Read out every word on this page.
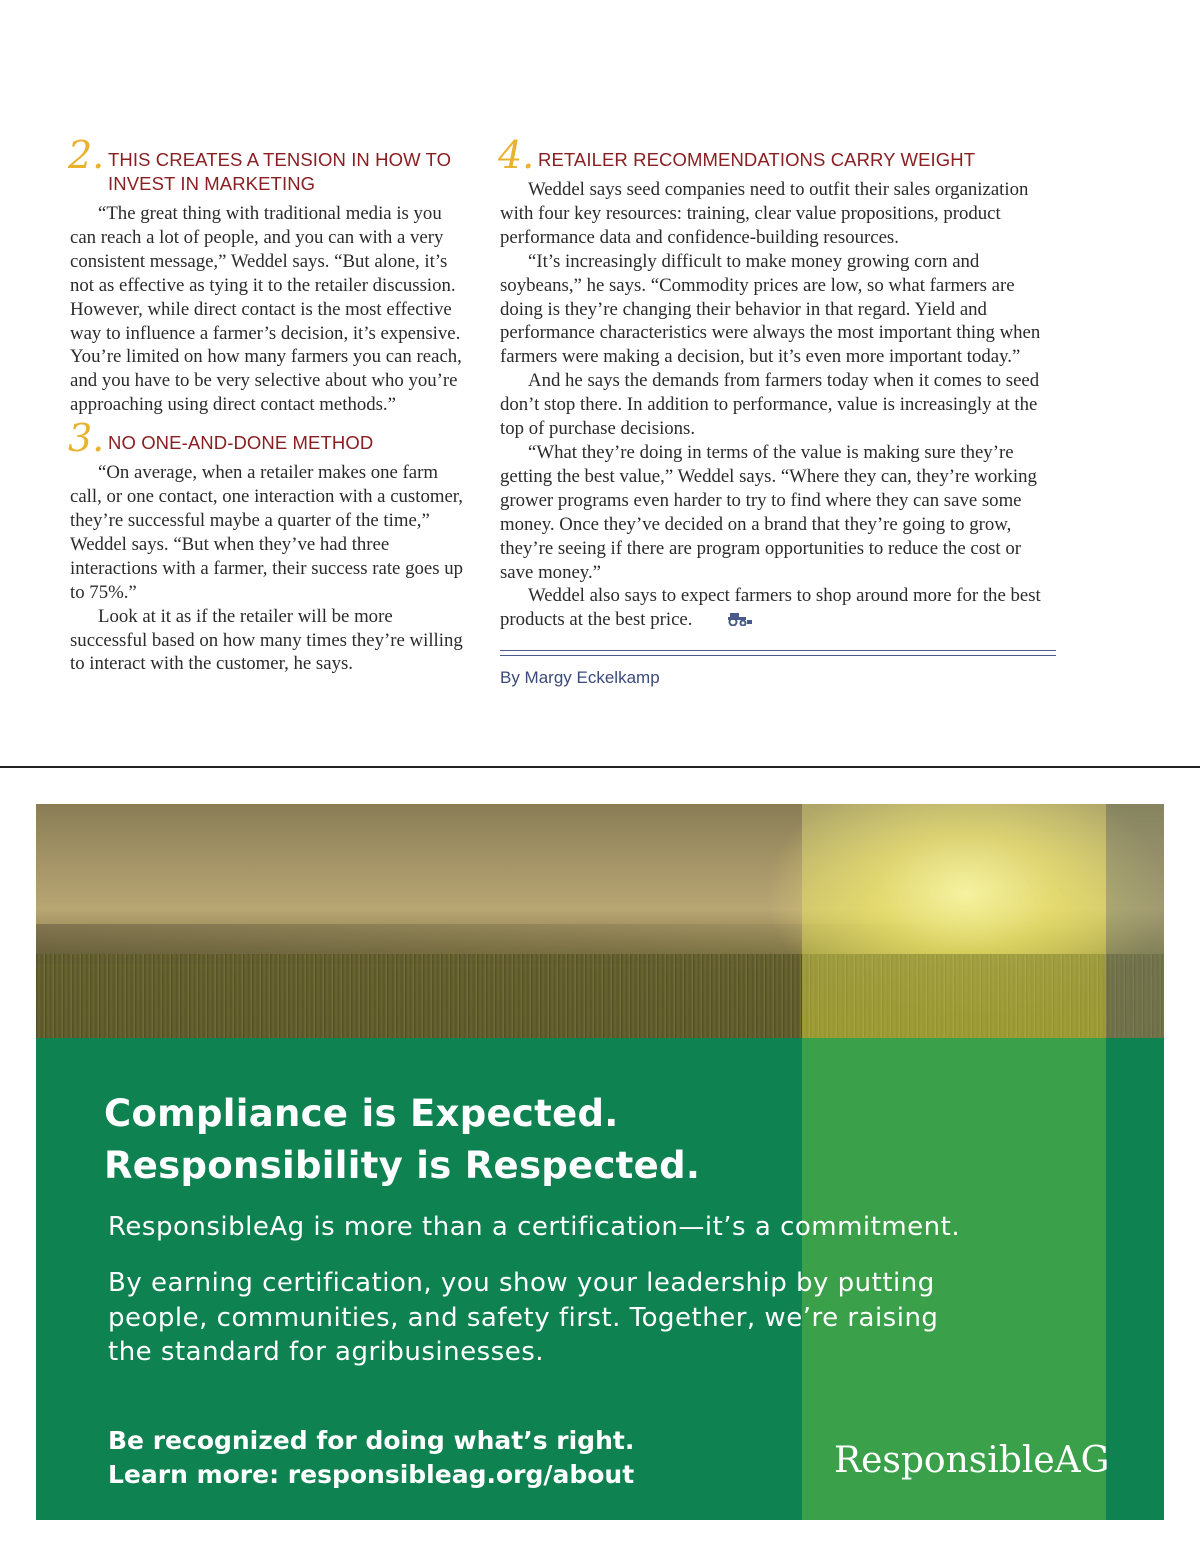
2. THIS CREATES A TENSION IN HOW TO INVEST IN MARKETING

“The great thing with traditional media is you can reach a lot of people, and you can with a very consistent message,” Weddel says. “But alone, it’s not as effective as tying it to the retailer discussion. However, while direct contact is the most effective way to influence a farmer’s decision, it’s expensive. You’re limited on how many farmers you can reach, and you have to be very selective about who you’re approaching using direct contact methods.”

3. NO ONE-AND-DONE METHOD

“On average, when a retailer makes one farm call, or one contact, one interaction with a customer, they’re successful maybe a quarter of the time,” Weddel says. “But when they’ve had three interactions with a farmer, their success rate goes up to 75%.”

Look at it as if the retailer will be more successful based on how many times they’re willing to interact with the customer, he says.

4. RETAILER RECOMMENDATIONS CARRY WEIGHT

Weddel says seed companies need to outfit their sales organization with four key resources: training, clear value propositions, product performance data and confidence-building resources.

“It’s increasingly difficult to make money growing corn and soybeans,” he says. “Commodity prices are low, so what farmers are doing is they’re changing their behavior in that regard. Yield and performance characteristics were always the most important thing when farmers were making a decision, but it’s even more important today.”

And he says the demands from farmers today when it comes to seed don’t stop there. In addition to performance, value is increasingly at the top of purchase decisions.

“What they’re doing in terms of the value is making sure they’re getting the best value,” Weddel says. “Where they can, they’re working grower programs even harder to try to find where they can save some money. Once they’ve decided on a brand that they’re going to grow, they’re seeing if there are program opportunities to reduce the cost or save money.”

Weddel also says to expect farmers to shop around more for the best products at the best price.

By Margy Eckelkamp
Compliance is Expected.
Responsibility is Respected.
ResponsibleAg is more than a certification—it’s a commitment.
By earning certification, you show your leadership by putting people, communities, and safety first. Together, we’re raising the standard for agribusinesses.
Be recognized for doing what’s right.
Learn more: responsibleag.org/about	ResponsibleAG
